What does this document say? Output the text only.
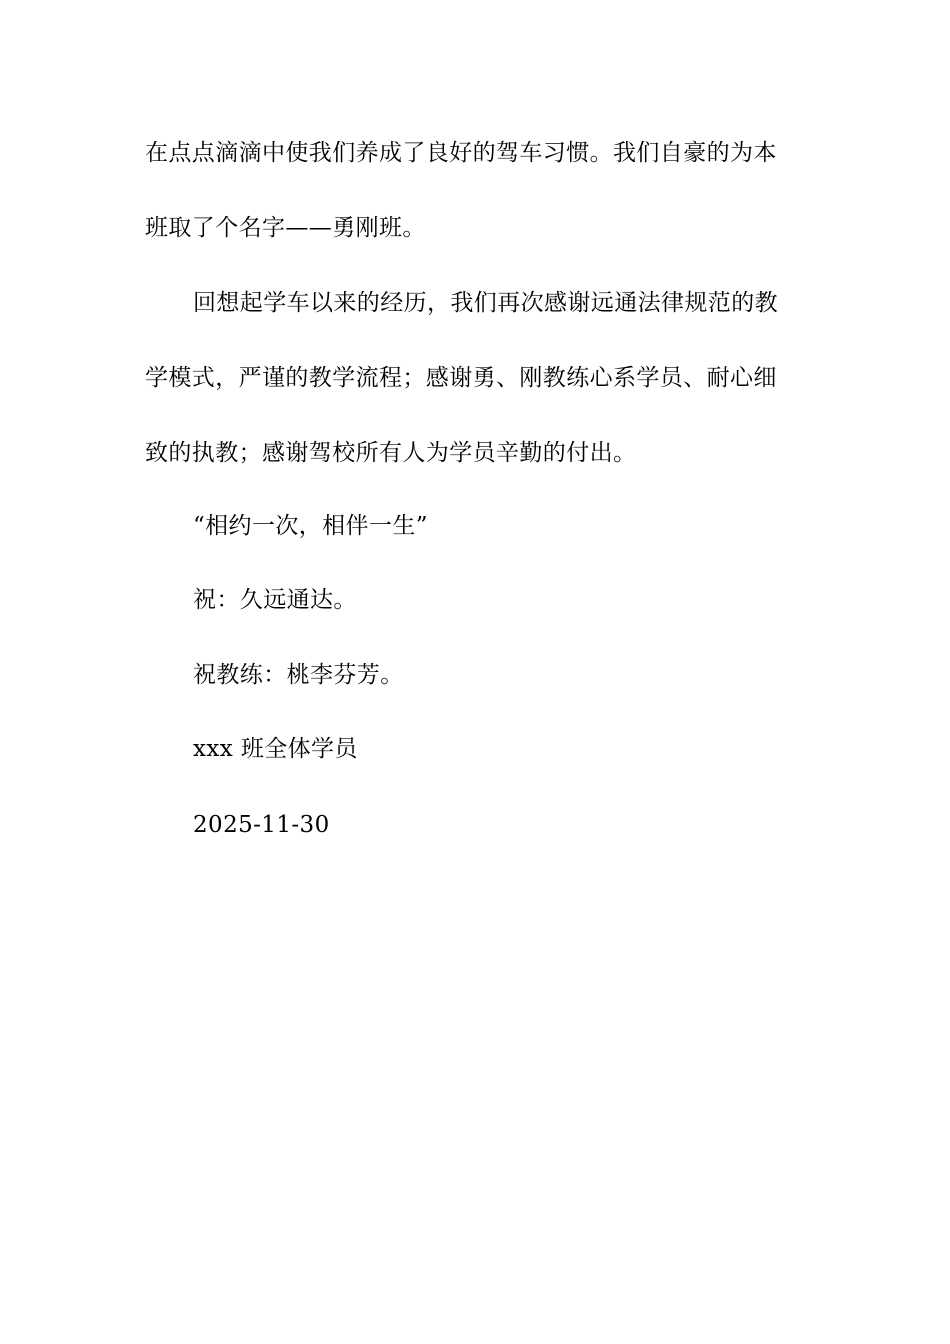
在点点滴滴中使我们养成了良好的驾车习惯。我们自豪的为本
班取了个名字——勇刚班。
回想起学车以来的经历，我们再次感谢远通法律规范的教
学模式，严谨的教学流程；感谢勇、刚教练心系学员、耐心细
致的执教；感谢驾校所有人为学员辛勤的付出。
“相约一次，相伴一生”
祝：久远通达。
祝教练：桃李芬芳。
xxx 班全体学员
2025-11-30
